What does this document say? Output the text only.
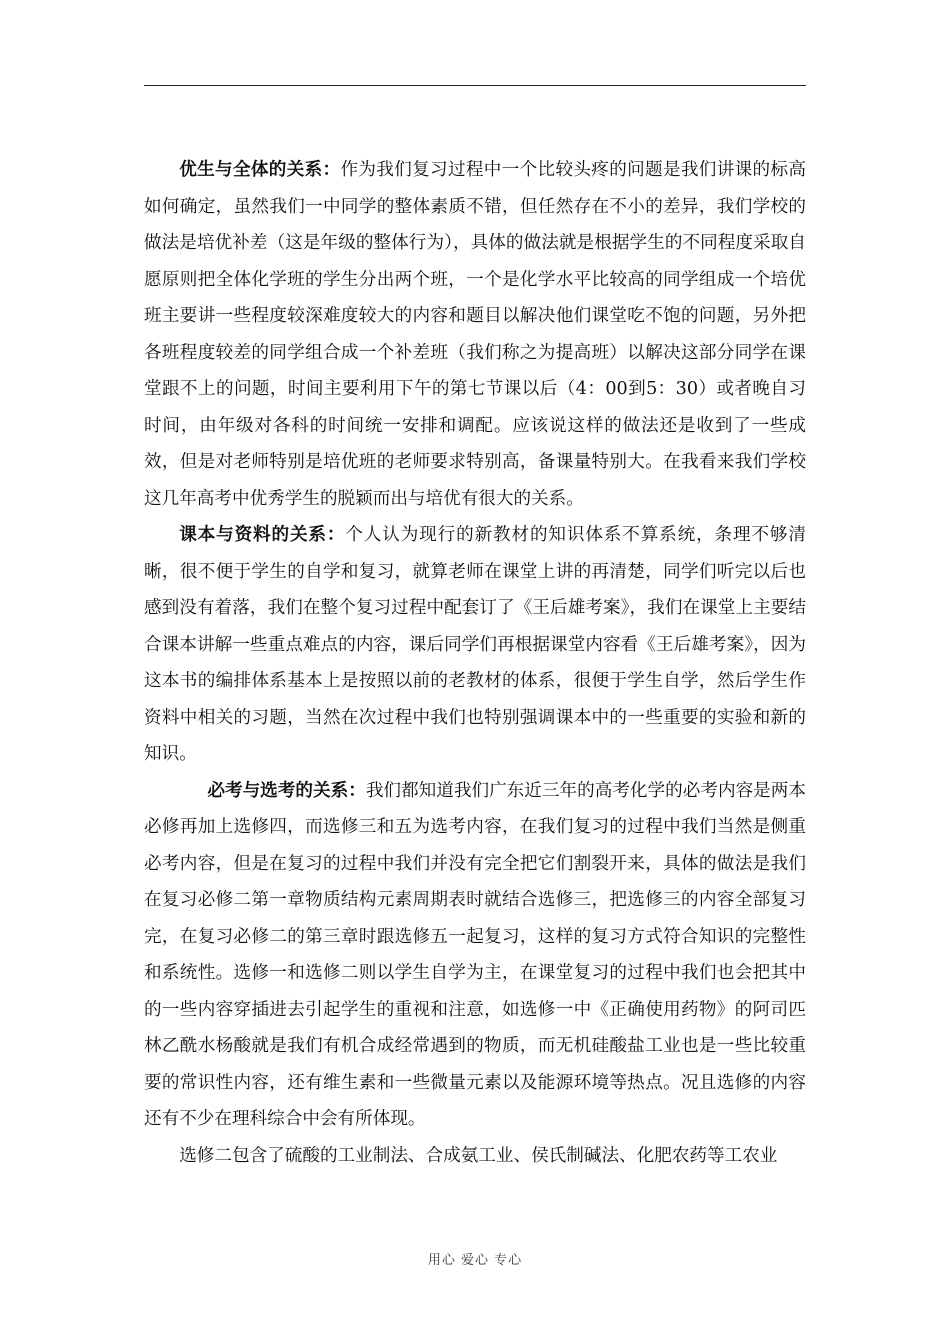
优生与全体的关系：作为我们复习过程中一个比较头疼的问题是我们讲课的标高如何确定，虽然我们一中同学的整体素质不错，但任然存在不小的差异，我们学校的做法是培优补差（这是年级的整体行为），具体的做法就是根据学生的不同程度采取自愿原则把全体化学班的学生分出两个班，一个是化学水平比较高的同学组成一个培优班主要讲一些程度较深难度较大的内容和题目以解决他们课堂吃不饱的问题，另外把各班程度较差的同学组合成一个补差班（我们称之为提高班）以解决这部分同学在课堂跟不上的问题，时间主要利用下午的第七节课以后（4：00到5：30）或者晚自习时间，由年级对各科的时间统一安排和调配。应该说这样的做法还是收到了一些成效，但是对老师特别是培优班的老师要求特别高，备课量特别大。在我看来我们学校这几年高考中优秀学生的脱颖而出与培优有很大的关系。

课本与资料的关系：个人认为现行的新教材的知识体系不算系统，条理不够清晰，很不便于学生的自学和复习，就算老师在课堂上讲的再清楚，同学们听完以后也感到没有着落，我们在整个复习过程中配套订了《王后雄考案》，我们在课堂上主要结合课本讲解一些重点难点的内容，课后同学们再根据课堂内容看《王后雄考案》，因为这本书的编排体系基本上是按照以前的老教材的体系，很便于学生自学，然后学生作资料中相关的习题，当然在次过程中我们也特别强调课本中的一些重要的实验和新的知识。

必考与选考的关系：我们都知道我们广东近三年的高考化学的必考内容是两本必修再加上选修四，而选修三和五为选考内容，在我们复习的过程中我们当然是侧重必考内容，但是在复习的过程中我们并没有完全把它们割裂开来，具体的做法是我们在复习必修二第一章物质结构元素周期表时就结合选修三，把选修三的内容全部复习完，在复习必修二的第三章时跟选修五一起复习，这样的复习方式符合知识的完整性和系统性。选修一和选修二则以学生自学为主，在课堂复习的过程中我们也会把其中的一些内容穿插进去引起学生的重视和注意，如选修一中《正确使用药物》的阿司匹林乙酰水杨酸就是我们有机合成经常遇到的物质，而无机硅酸盐工业也是一些比较重要的常识性内容，还有维生素和一些微量元素以及能源环境等热点。况且选修的内容还有不少在理科综合中会有所体现。

选修二包含了硫酸的工业制法、合成氨工业、侯氏制碱法、化肥农药等工农业

用心 爱心 专心
